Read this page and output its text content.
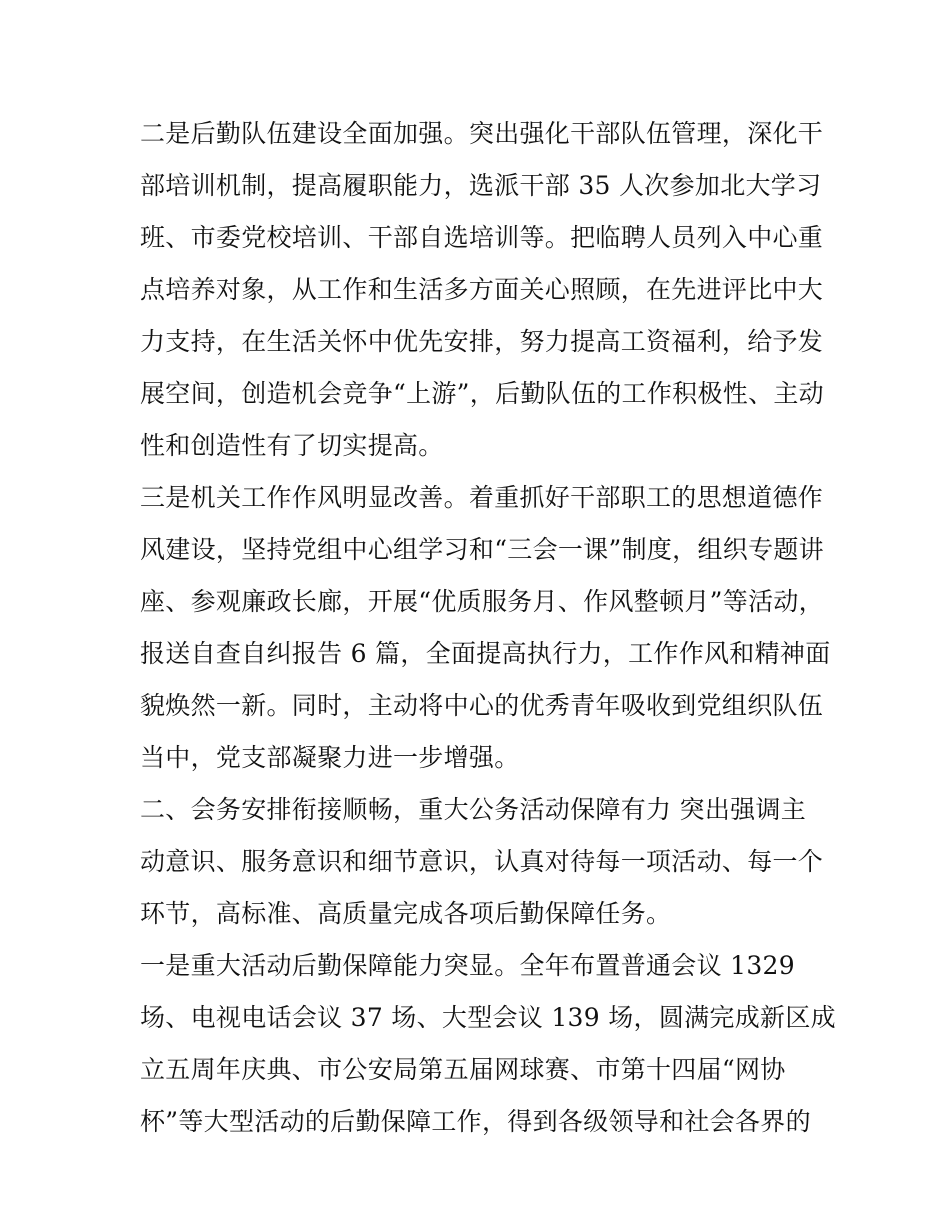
二是后勤队伍建设全面加强。突出强化干部队伍管理，深化干
部培训机制，提高履职能力，选派干部 35 人次参加北大学习
班、市委党校培训、干部自选培训等。把临聘人员列入中心重
点培养对象，从工作和生活多方面关心照顾，在先进评比中大
力支持，在生活关怀中优先安排，努力提高工资福利，给予发
展空间，创造机会竞争“上游”，后勤队伍的工作积极性、主动
性和创造性有了切实提高。
三是机关工作作风明显改善。着重抓好干部职工的思想道德作
风建设，坚持党组中心组学习和“三会一课”制度，组织专题讲
座、参观廉政长廊，开展“优质服务月、作风整顿月”等活动，
报送自查自纠报告 6 篇，全面提高执行力，工作作风和精神面
貌焕然一新。同时，主动将中心的优秀青年吸收到党组织队伍
当中，党支部凝聚力进一步增强。
二、会务安排衔接顺畅，重大公务活动保障有力 突出强调主
动意识、服务意识和细节意识，认真对待每一项活动、每一个
环节，高标准、高质量完成各项后勤保障任务。
一是重大活动后勤保障能力突显。全年布置普通会议 1329
场、电视电话会议 37 场、大型会议 139 场，圆满完成新区成
立五周年庆典、市公安局第五届网球赛、市第十四届“网协
杯”等大型活动的后勤保障工作，得到各级领导和社会各界的
